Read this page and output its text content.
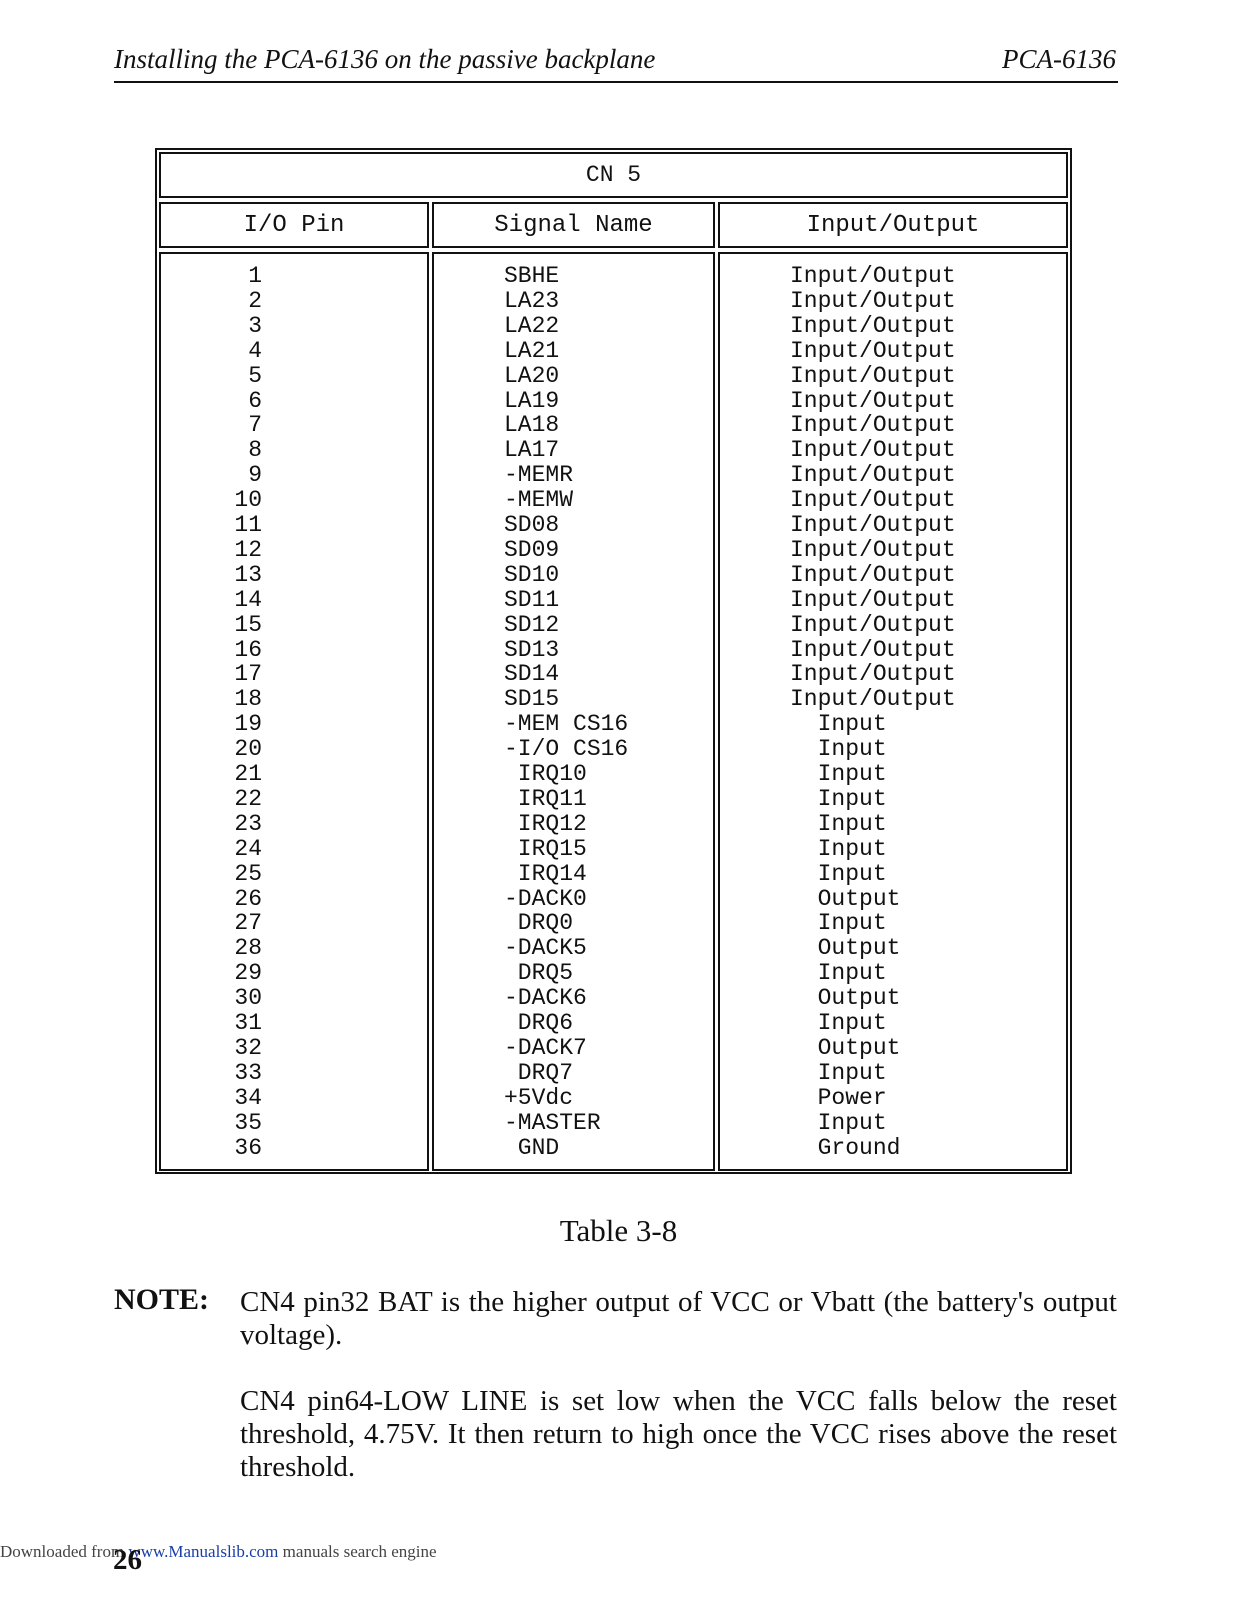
Installing the PCA-6136 on the passive backplane	PCA-6136
CN 5
I/O Pin	Signal Name	Input/Output
1	SBHE	Input/Output
2	LA23	Input/Output
3	LA22	Input/Output
4	LA21	Input/Output
5	LA20	Input/Output
6	LA19	Input/Output
7	LA18	Input/Output
8	LA17	Input/Output
9	-MEMR	Input/Output
10	-MEMW	Input/Output
11	SD08	Input/Output
12	SD09	Input/Output
13	SD10	Input/Output
14	SD11	Input/Output
15	SD12	Input/Output
16	SD13	Input/Output
17	SD14	Input/Output
18	SD15	Input/Output
19	-MEM CS16	Input
20	-I/O CS16	Input
21	IRQ10	Input
22	IRQ11	Input
23	IRQ12	Input
24	IRQ15	Input
25	IRQ14	Input
26	-DACK0	Output
27	DRQ0	Input
28	-DACK5	Output
29	DRQ5	Input
30	-DACK6	Output
31	DRQ6	Input
32	-DACK7	Output
33	DRQ7	Input
34	+5Vdc	Power
35	-MASTER	Input
36	GND	Ground
Table 3-8
NOTE: CN4 pin32 BAT is the higher output of VCC or Vbatt (the battery's output voltage).
CN4 pin64-LOW LINE is set low when the VCC falls below the reset threshold, 4.75V. It then return to high once the VCC rises above the reset threshold.
Downloaded from www.Manualslib.com manuals search engine
26
